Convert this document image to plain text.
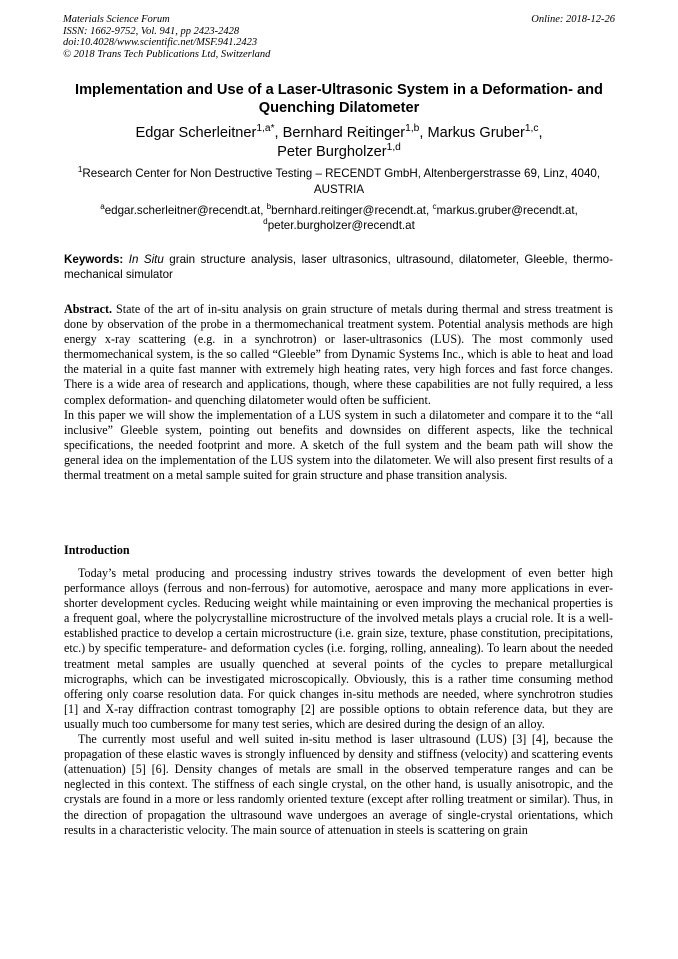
Materials Science Forum
ISSN: 1662-9752, Vol. 941, pp 2423-2428
doi:10.4028/www.scientific.net/MSF.941.2423
© 2018 Trans Tech Publications Ltd, Switzerland
Online: 2018-12-26
Implementation and Use of a Laser-Ultrasonic System in a Deformation- and Quenching Dilatometer
Edgar Scherleitner$^{1,a*}$, Bernhard Reitinger$^{1,b}$, Markus Gruber$^{1,c}$,
Peter Burgholzer$^{1,d}$
$^1$Research Center for Non Destructive Testing – RECENDT GmbH, Altenbergerstrasse 69, Linz, 4040, AUSTRIA
$^a$edgar.scherleitner@recendt.at, $^b$bernhard.reitinger@recendt.at, $^c$markus.gruber@recendt.at,
$^d$peter.burgholzer@recendt.at
Keywords: In Situ grain structure analysis, laser ultrasonics, ultrasound, dilatometer, Gleeble, thermo-mechanical simulator

Abstract. State of the art of in-situ analysis on grain structure of metals during thermal and stress treatment is done by observation of the probe in a thermomechanical treatment system. Potential analysis methods are high energy x-ray scattering (e.g. in a synchrotron) or laser-ultrasonics (LUS). The most commonly used thermomechanical system, is the so called “Gleeble” from Dynamic Systems Inc., which is able to heat and load the material in a quite fast manner with extremely high heating rates, very high forces and fast force changes. There is a wide area of research and applications, though, where these capabilities are not fully required, a less complex deformation- and quenching dilatometer would often be sufficient.

In this paper we will show the implementation of a LUS system in such a dilatometer and compare it to the “all inclusive” Gleeble system, pointing out benefits and downsides on different aspects, like the technical specifications, the needed footprint and more. A sketch of the full system and the beam path will show the general idea on the implementation of the LUS system into the dilatometer. We will also present first results of a thermal treatment on a metal sample suited for grain structure and phase transition analysis.

Introduction

Today’s metal producing and processing industry strives towards the development of even better high performance alloys (ferrous and non-ferrous) for automotive, aerospace and many more applications in ever-shorter development cycles. Reducing weight while maintaining or even improving the mechanical properties is a frequent goal, where the polycrystalline microstructure of the involved metals plays a crucial role. It is a well-established practice to develop a certain microstructure (i.e. grain size, texture, phase constitution, precipitations, etc.) by specific temperature- and deformation cycles (i.e. forging, rolling, annealing). To learn about the needed treatment metal samples are usually quenched at several points of the cycles to prepare metallurgical micrographs, which can be investigated microscopically. Obviously, this is a rather time consuming method offering only coarse resolution data. For quick changes in-situ methods are needed, where synchrotron studies [1] and X-ray diffraction contrast tomography [2] are possible options to obtain reference data, but they are usually much too cumbersome for many test series, which are desired during the design of an alloy.

The currently most useful and well suited in-situ method is laser ultrasound (LUS) [3] [4], because the propagation of these elastic waves is strongly influenced by density and stiffness (velocity) and scattering events (attenuation) [5] [6]. Density changes of metals are small in the observed temperature ranges and can be neglected in this context. The stiffness of each single crystal, on the other hand, is usually anisotropic, and the crystals are found in a more or less randomly oriented texture (except after rolling treatment or similar). Thus, in the direction of propagation the ultrasound wave undergoes an average of single-crystal orientations, which results in a characteristic velocity. The main source of attenuation in steels is scattering on grain
